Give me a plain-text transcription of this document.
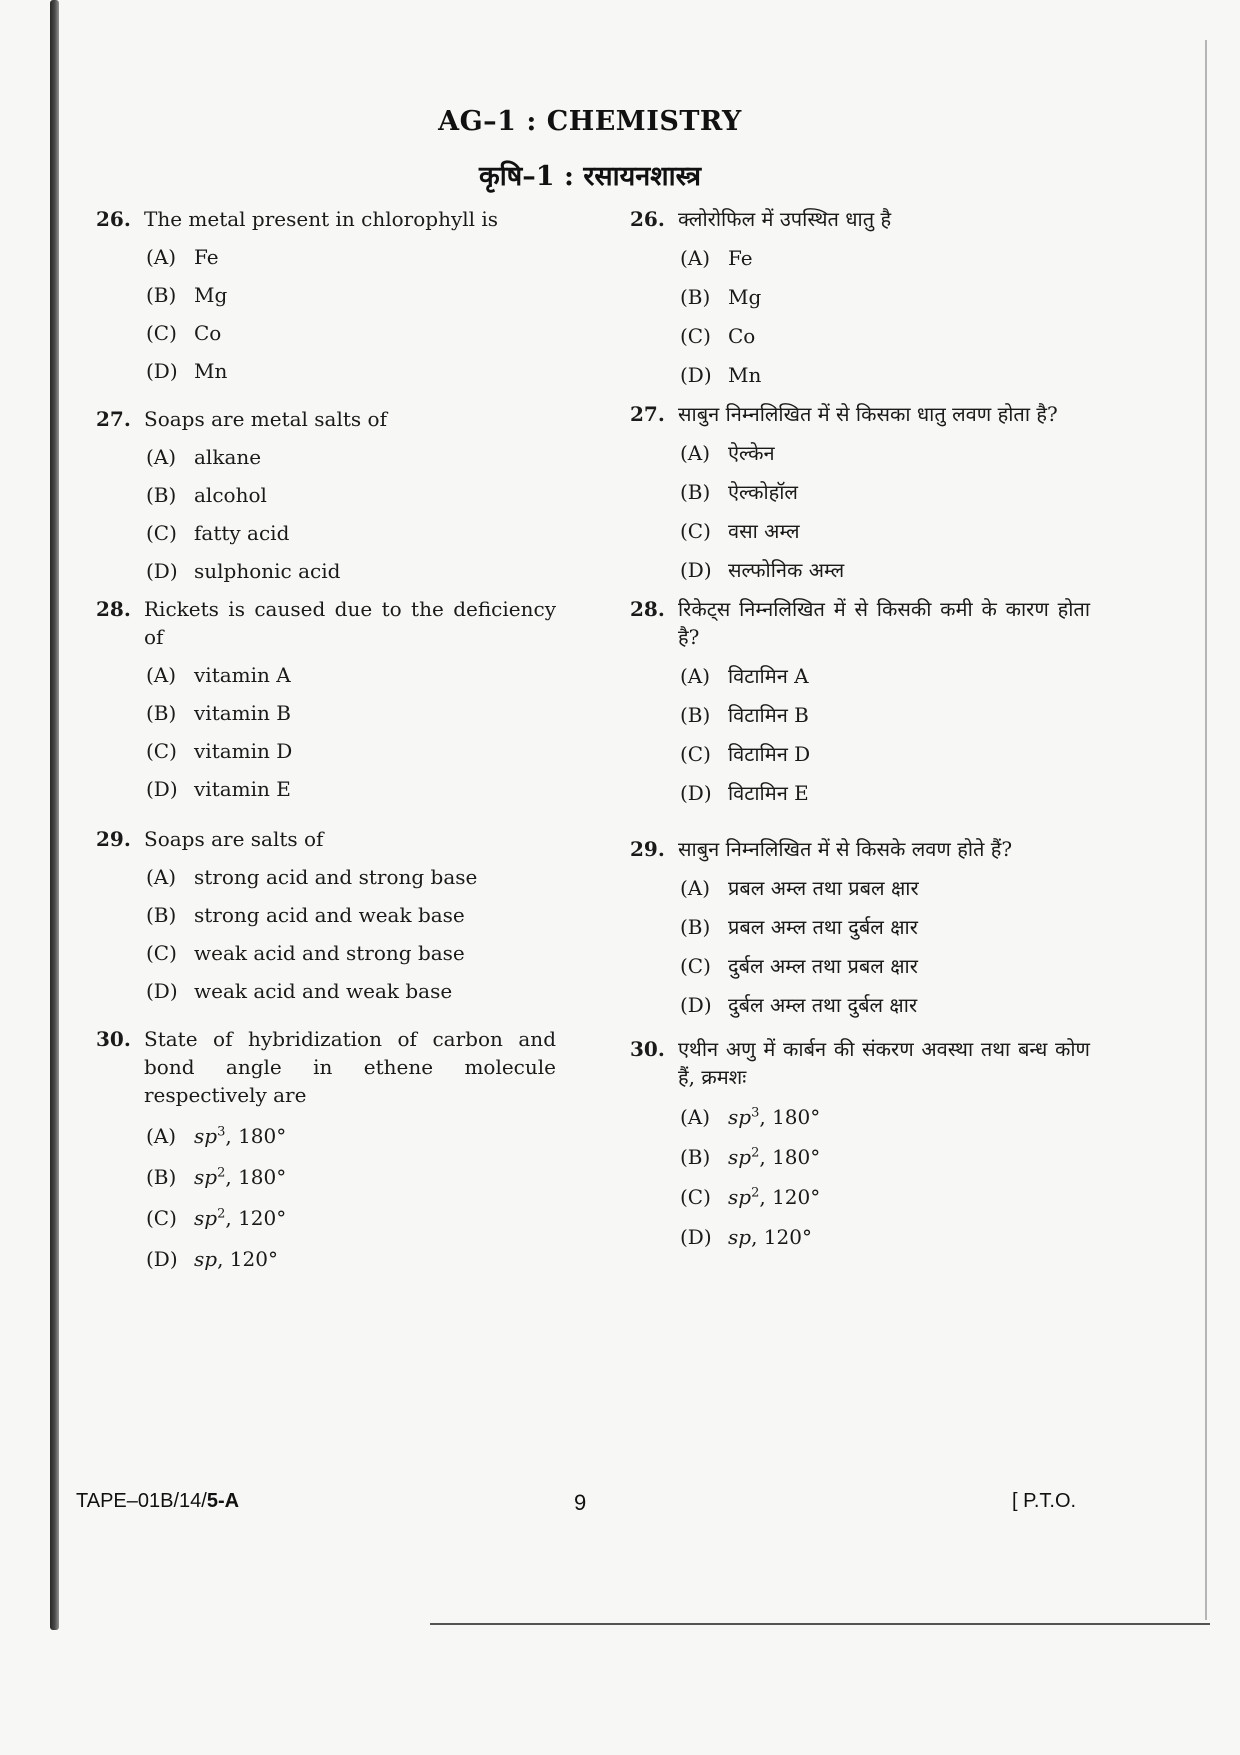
AG–1 : CHEMISTRY
कृषि–1 : रसायनशास्त्र
26. The metal present in chlorophyll is
(A) Fe
(B) Mg
(C) Co
(D) Mn
27. Soaps are metal salts of
(A) alkane
(B) alcohol
(C) fatty acid
(D) sulphonic acid
28. Rickets is caused due to the deficiency of
(A) vitamin A
(B) vitamin B
(C) vitamin D
(D) vitamin E
29. Soaps are salts of
(A) strong acid and strong base
(B) strong acid and weak base
(C) weak acid and strong base
(D) weak acid and weak base
30. State of hybridization of carbon and bond angle in ethene molecule respectively are
(A) $sp^3$, 180°
(B) $sp^2$, 180°
(C) $sp^2$, 120°
(D) sp, 120°
26. क्लोरोफिल में उपस्थित धातु है
(A) Fe
(B) Mg
(C) Co
(D) Mn
27. साबुन निम्नलिखित में से किसका धातु लवण होता है?
(A) ऐल्केन
(B) ऐल्कोहॉल
(C) वसा अम्ल
(D) सल्फोनिक अम्ल
28. रिकेट्स निम्नलिखित में से किसकी कमी के कारण होता है?
(A) विटामिन A
(B) विटामिन B
(C) विटामिन D
(D) विटामिन E
29. साबुन निम्नलिखित में से किसके लवण होते हैं?
(A) प्रबल अम्ल तथा प्रबल क्षार
(B) प्रबल अम्ल तथा दुर्बल क्षार
(C) दुर्बल अम्ल तथा प्रबल क्षार
(D) दुर्बल अम्ल तथा दुर्बल क्षार
30. एथीन अणु में कार्बन की संकरण अवस्था तथा बन्ध कोण हैं, क्रमशः
(A) $sp^3$, 180°
(B) $sp^2$, 180°
(C) $sp^2$, 120°
(D) sp, 120°
TAPE–01B/14/5-A	9	[ P.T.O.
